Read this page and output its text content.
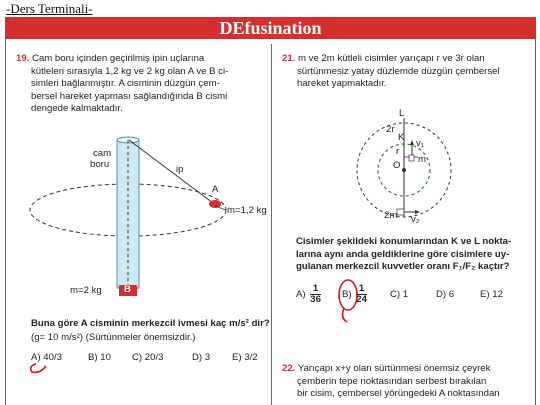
-Ders Terminali-
DEfusination
19. Cam boru içinden geçirilmiş ipin uçlarına
kütleleri sırasıyla 1,2 kg ve 2 kg olan A ve B ci-
simleri bağlanmıştır. A cisminin düzgün çem-
bersel hareket yapması sağlandığında B cismi
dengede kalmaktadır.
cam
boru	ip
A
m=1,2 kg
m=2 kg B
Buna göre A cisminin merkezcil ivmesi kaç m/s² dir?
(g= 10 m/s²) (Sürtünmeler önemsizdir.)
A) 40/3	B) 10 C) 20/3	D) 3 E) 3/2
21. m ve 2m kütleli cisimler yarıçapı r ve 3r olan
sürtünmesiz yatay düzlemde düzgün çembersel
hareket yapmaktadır.
L
2r
K
r
O
m
v₁
2m v₂
Cisimler şekildeki konumlarından K ve L nokta-
larına aynı anda geldiklerine göre cisimlere uy-
gulanan merkezcil kuvvetler oranı F₁/F₂ kaçtır?
$A) \frac{1}{36} B) \frac{1}{24} C$) 1	D) 6	E) 12
22. Yarıçapı x+y olan sürtünmesi önemsiz çeyrek
çemberin tepe noktasından serbest bırakılan
bir cisim, çembersel yörüngedeki A noktasından
